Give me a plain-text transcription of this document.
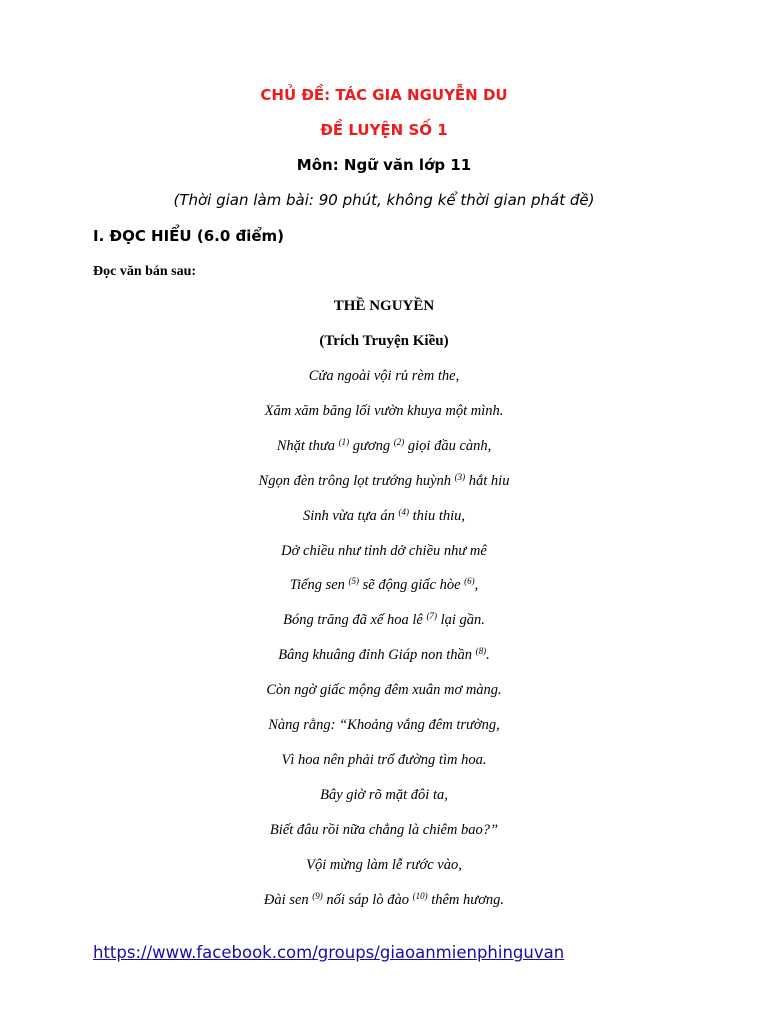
CHỦ ĐỀ: TÁC GIA NGUYỄN DU
ĐỀ LUYỆN SỐ 1
Môn: Ngữ văn lớp 11
(Thời gian làm bài: 90 phút, không kể thời gian phát đề)
I. ĐỌC HIỂU (6.0 điểm)
Đọc văn bán sau:
THỀ NGUYỀN
(Trích Truyện Kiều)
Cửa ngoài vội rủ rèm the,
Xăm xăm băng lối vườn khuya một mình.
Nhặt thưa $^{(1)}$ gương $^{(2)}$ giọi đầu cành,
Ngọn đèn trông lọt trướng huỳnh $^{(3)}$ hắt hiu
Sinh vừa tựa án $^{(4)}$ thiu thiu,
Dở chiều như tỉnh dở chiều như mê
Tiếng sen $^{(5)}$ sẽ động giấc hòe $^{(6)}$,
Bóng trăng đã xế hoa lê $^{(7)}$ lại gần.
Bâng khuâng đỉnh Giáp non thần $^{(8)}$.
Còn ngờ giấc mộng đêm xuân mơ màng.
Nàng rằng: “Khoảng vắng đêm trường,
Vì hoa nên phải trổ đường tìm hoa.
Bây giờ rõ mặt đôi ta,
Biết đâu rồi nữa chẳng là chiêm bao?”
Vội mừng làm lễ rước vào,
Đài sen $^{(9)}$ nối sáp lò đào $^{(10)}$ thêm hương.
https://www.facebook.com/groups/giaoanmienphinguvan
